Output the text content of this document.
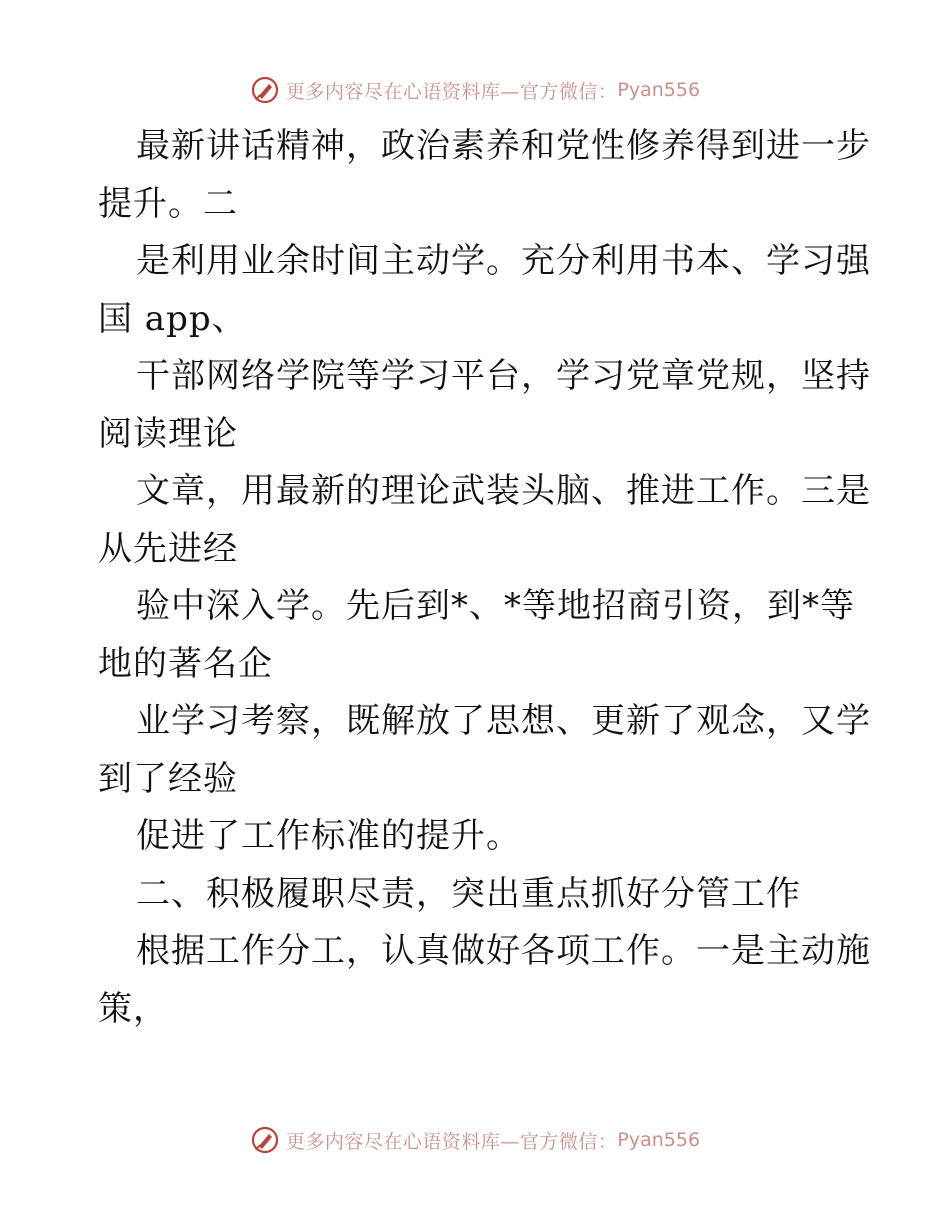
更多内容尽在心语资料库—官方微信： Pyan556
最新讲话精神，政治素养和党性修养得到进一步
提升。二
是利用业余时间主动学。充分利用书本、学习强
国 app、
干部网络学院等学习平台，学习党章党规，坚持
阅读理论
文章，用最新的理论武装头脑、推进工作。三是
从先进经
验中深入学。先后到*、*等地招商引资，到*等
地的著名企
业学习考察，既解放了思想、更新了观念，又学
到了经验
促进了工作标准的提升。
二、积极履职尽责，突出重点抓好分管工作
根据工作分工，认真做好各项工作。一是主动施
策，
更多内容尽在心语资料库—官方微信： Pyan556
